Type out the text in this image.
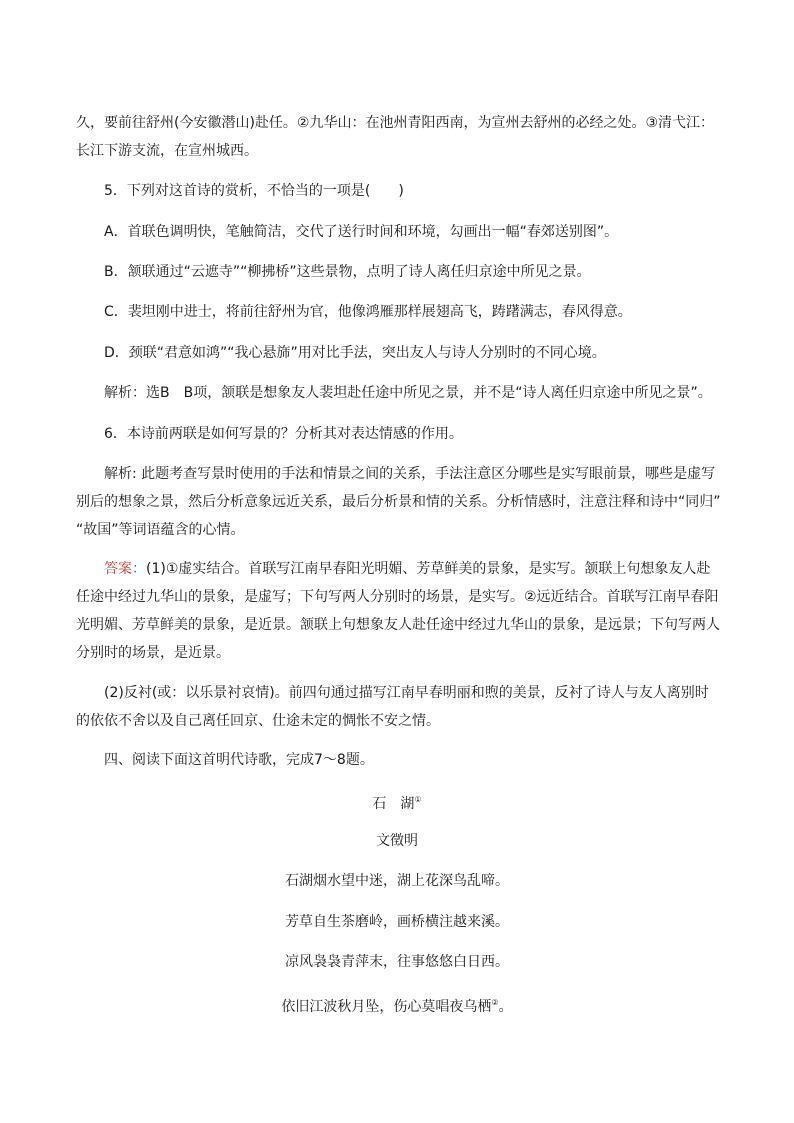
久，要前往舒州(今安徽潜山)赴任。②九华山：在池州青阳西南，为宣州去舒州的必经之处。③清弋江：

长江下游支流，在宣州城西。

5．下列对这首诗的赏析，不恰当的一项是(　　)

A．首联色调明快，笔触简洁，交代了送行时间和环境，勾画出一幅“春郊送别图”。

B．颔联通过“云遮寺”“柳拂桥”这些景物，点明了诗人离任归京途中所见之景。

C．裴坦刚中进士，将前往舒州为官，他像鸿雁那样展翅高飞，踌躇满志，春风得意。

D．颈联“君意如鸿”“我心悬旆”用对比手法，突出友人与诗人分别时的不同心境。

解析：选B　B项，颔联是想象友人裴坦赴任途中所见之景，并不是“诗人离任归京途中所见之景”。

6．本诗前两联是如何写景的？分析其对表达情感的作用。

解析: 此题考查写景时使用的手法和情景之间的关系，手法注意区分哪些是实写眼前景，哪些是虚写

别后的想象之景，然后分析意象远近关系，最后分析景和情的关系。分析情感时，注意注释和诗中“同归”

“故国”等词语蕴含的心情。

答案：(1)①虚实结合。首联写江南早春阳光明媚、芳草鲜美的景象，是实写。颔联上句想象友人赴

任途中经过九华山的景象，是虚写；下句写两人分别时的场景，是实写。②远近结合。首联写江南早春阳

光明媚、芳草鲜美的景象，是近景。颔联上句想象友人赴任途中经过九华山的景象，是远景；下句写两人

分别时的场景，是近景。

(2)反衬(或：以乐景衬哀情)。前四句通过描写江南早春明丽和煦的美景，反衬了诗人与友人离别时

的依依不舍以及自己离任回京、仕途未定的惆怅不安之情。

四、阅读下面这首明代诗歌，完成7～8题。

石　湖①

文徵明

石湖烟水望中迷，湖上花深鸟乱啼。

芳草自生茶磨岭，画桥横注越来溪。

凉风袅袅青萍末，往事悠悠白日西。

依旧江波秋月坠，伤心莫唱夜乌栖②。
